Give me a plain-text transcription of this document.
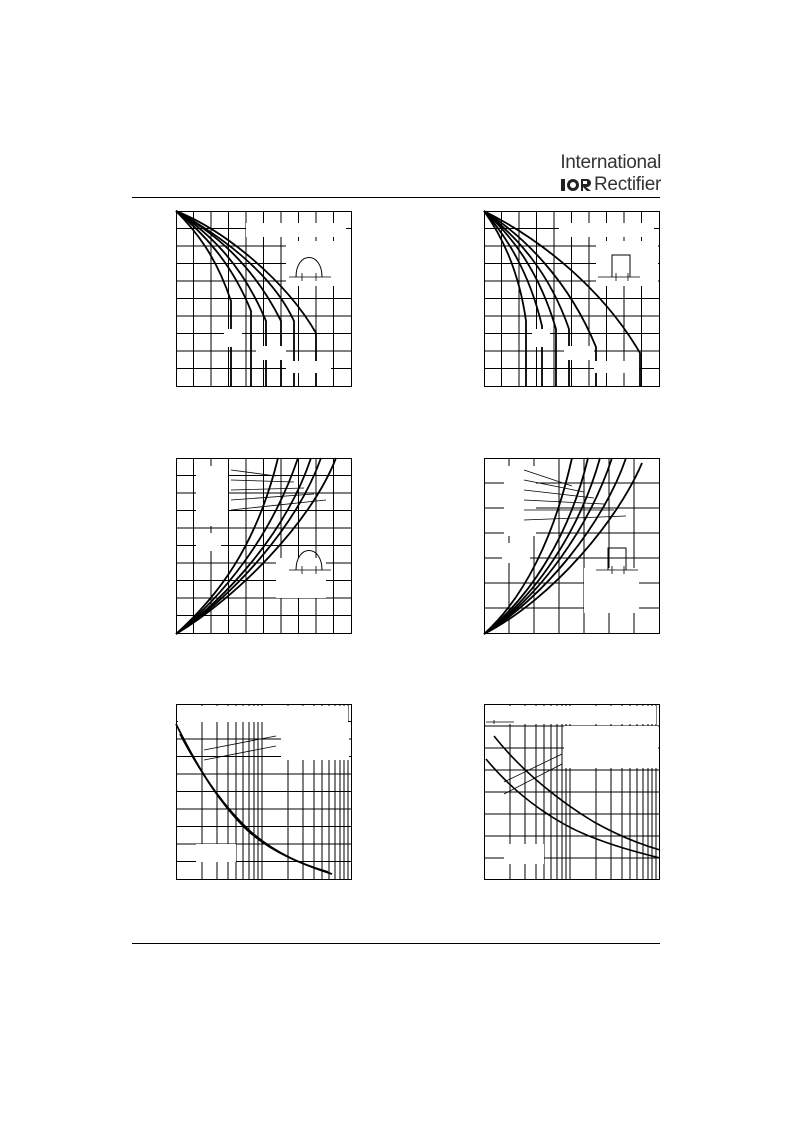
International
Rectifier
